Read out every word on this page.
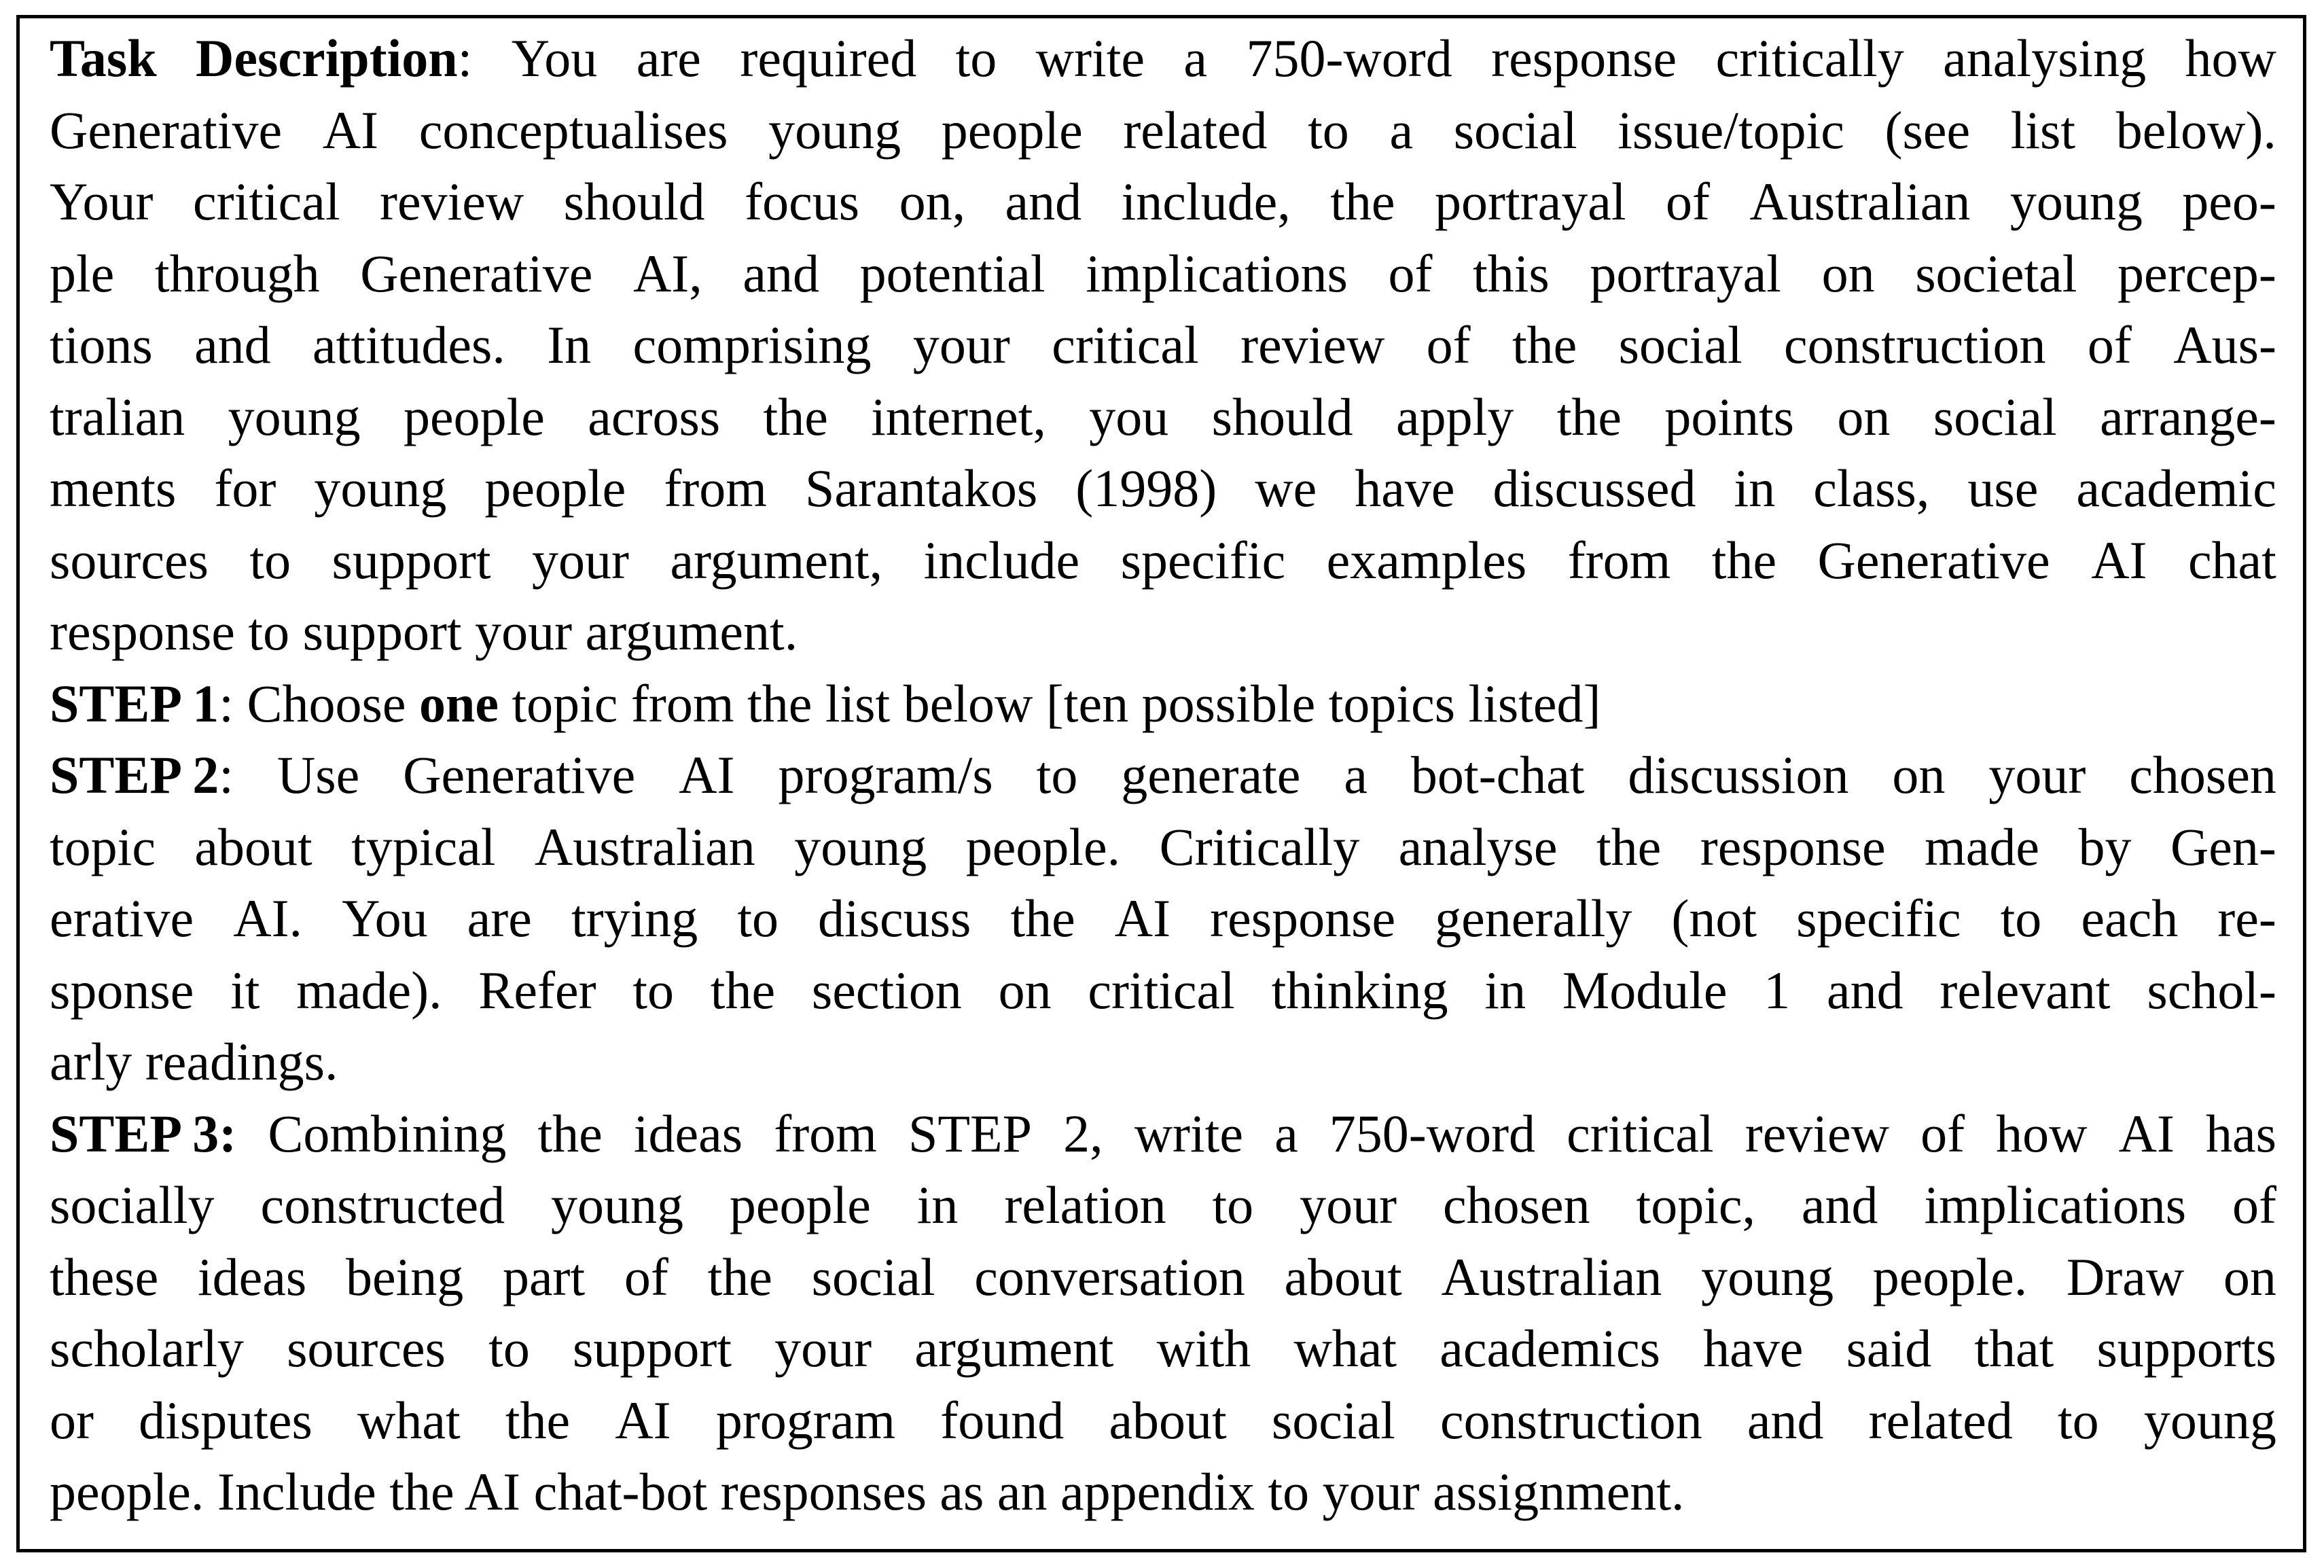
Task Description: You are required to write a 750-word response critically analysing how
Generative AI conceptualises young people related to a social issue/topic (see list below).
Your critical review should focus on, and include, the portrayal of Australian young peo-
ple through Generative AI, and potential implications of this portrayal on societal percep-
tions and attitudes. In comprising your critical review of the social construction of Aus-
tralian young people across the internet, you should apply the points on social arrange-
ments for young people from Sarantakos (1998) we have discussed in class, use academic
sources to support your argument, include specific examples from the Generative AI chat
response to support your argument.
STEP 1: Choose one topic from the list below [ten possible topics listed]
STEP 2: Use Generative AI program/s to generate a bot-chat discussion on your chosen
topic about typical Australian young people. Critically analyse the response made by Gen-
erative AI. You are trying to discuss the AI response generally (not specific to each re-
sponse it made). Refer to the section on critical thinking in Module 1 and relevant schol-
arly readings.
STEP 3: Combining the ideas from STEP 2, write a 750-word critical review of how AI has
socially constructed young people in relation to your chosen topic, and implications of
these ideas being part of the social conversation about Australian young people. Draw on
scholarly sources to support your argument with what academics have said that supports
or disputes what the AI program found about social construction and related to young
people. Include the AI chat-bot responses as an appendix to your assignment.
